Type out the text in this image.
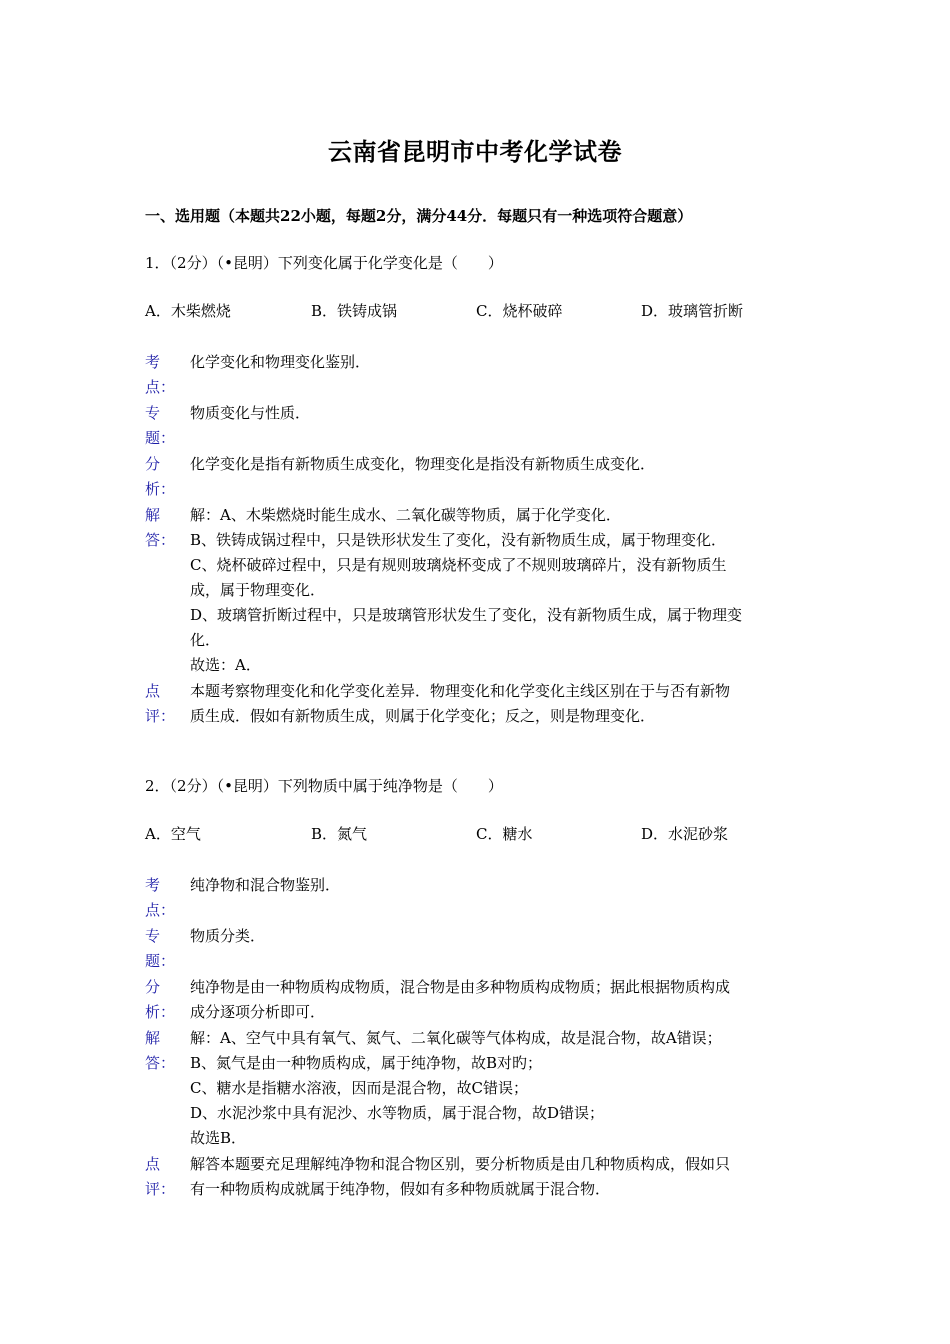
云南省昆明市中考化学试卷
一、选用题（本题共22小题，每题2分，满分44分．每题只有一种选项符合题意）
1．（2分）（•昆明）下列变化属于化学变化是（　　）
A．木柴燃烧	B．铁铸成锅	C．烧杯破碎	D．玻璃管折断
考
点：
化学变化和物理变化鉴别．
专
题：
物质变化与性质．
分
析：
化学变化是指有新物质生成变化，物理变化是指没有新物质生成变化．
解
答：
解：A、木柴燃烧时能生成水、二氧化碳等物质，属于化学变化．
B、铁铸成锅过程中，只是铁形状发生了变化，没有新物质生成，属于物理变化．
C、烧杯破碎过程中，只是有规则玻璃烧杯变成了不规则玻璃碎片，没有新物质生
成，属于物理变化．
D、玻璃管折断过程中，只是玻璃管形状发生了变化，没有新物质生成，属于物理变
化．
故选：A．
点
评：
本题考察物理变化和化学变化差异．物理变化和化学变化主线区别在于与否有新物
质生成．假如有新物质生成，则属于化学变化；反之，则是物理变化．
2．（2分）（•昆明）下列物质中属于纯净物是（　　）
A．空气	B．氮气	C．糖水	D．水泥砂浆
考
点：
纯净物和混合物鉴别．
专
题：
物质分类．
分
析：
纯净物是由一种物质构成物质，混合物是由多种物质构成物质；据此根据物质构成
成分逐项分析即可．
解
答：
解：A、空气中具有氧气、氮气、二氧化碳等气体构成，故是混合物，故A错误；
B、氮气是由一种物质构成，属于纯净物，故B对旳；
C、糖水是指糖水溶液，因而是混合物，故C错误；
D、水泥沙浆中具有泥沙、水等物质，属于混合物，故D错误；
故选B．
点
评：
解答本题要充足理解纯净物和混合物区别，要分析物质是由几种物质构成，假如只
有一种物质构成就属于纯净物，假如有多种物质就属于混合物．
